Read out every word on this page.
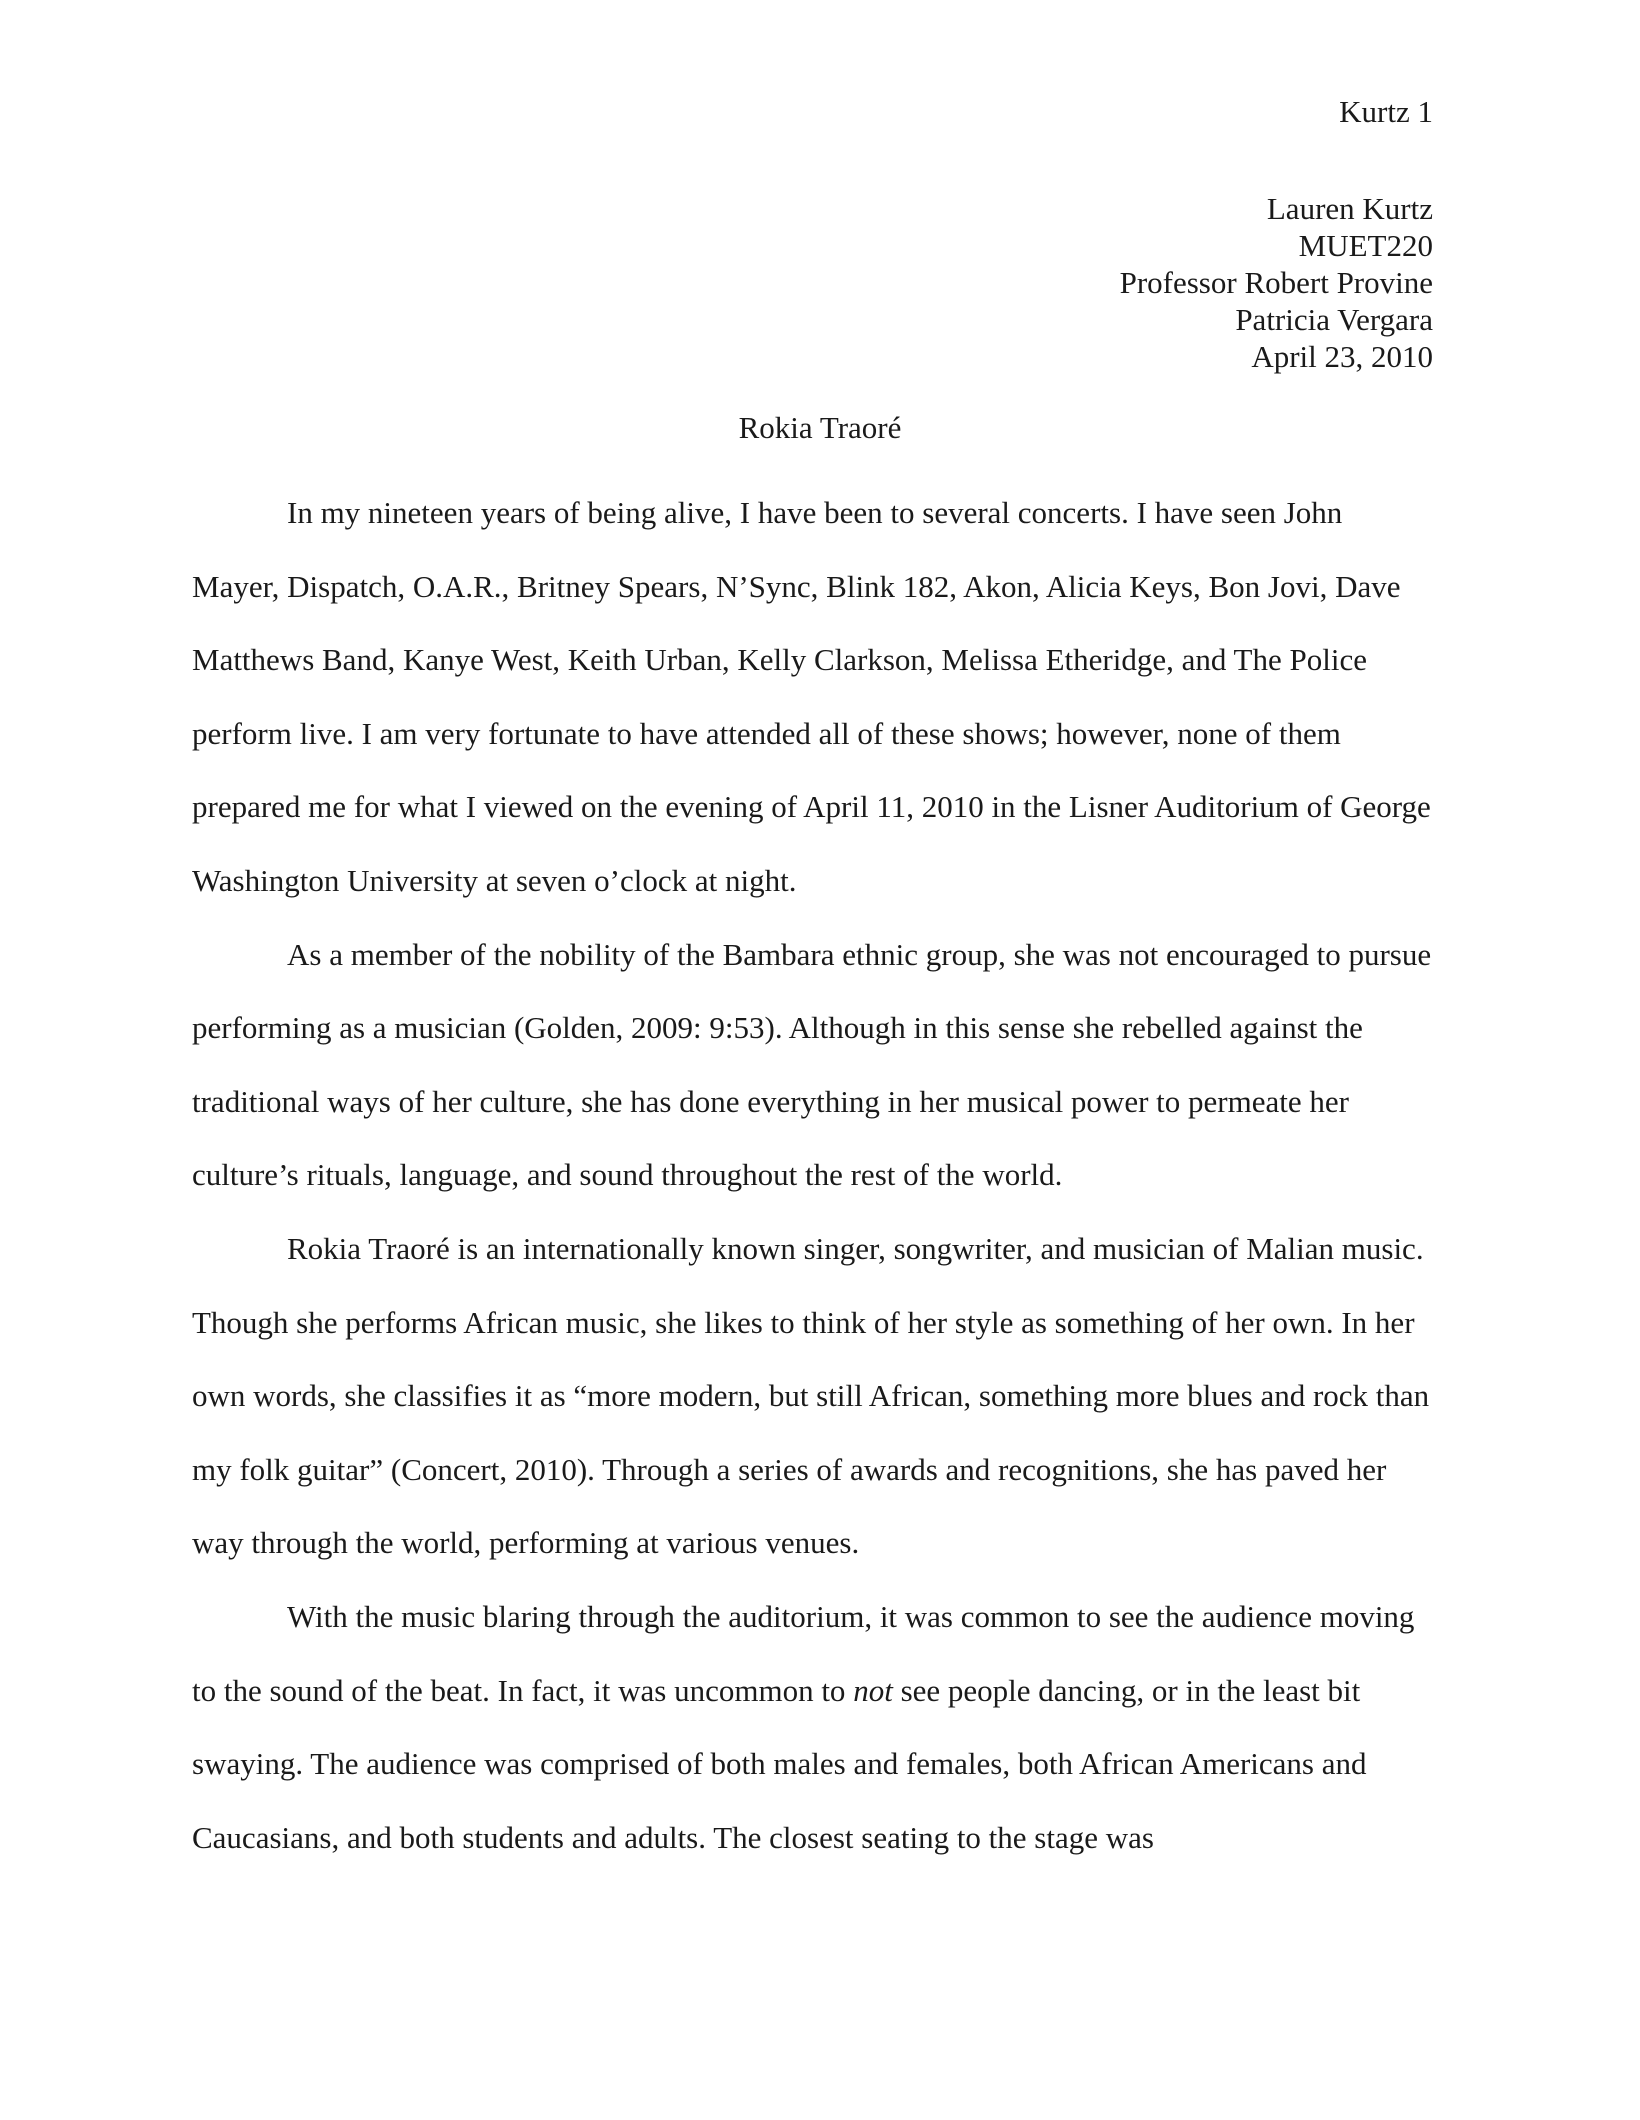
Kurtz 1
Lauren Kurtz
MUET220
Professor Robert Provine
Patricia Vergara
April 23, 2010
Rokia Traoré

In my nineteen years of being alive, I have been to several concerts. I have seen John Mayer, Dispatch, O.A.R., Britney Spears, N’Sync, Blink 182, Akon, Alicia Keys, Bon Jovi, Dave Matthews Band, Kanye West, Keith Urban, Kelly Clarkson, Melissa Etheridge, and The Police perform live. I am very fortunate to have attended all of these shows; however, none of them prepared me for what I viewed on the evening of April 11, 2010 in the Lisner Auditorium of George Washington University at seven o’clock at night.

As a member of the nobility of the Bambara ethnic group, she was not encouraged to pursue performing as a musician (Golden, 2009: 9:53). Although in this sense she rebelled against the traditional ways of her culture, she has done everything in her musical power to permeate her culture’s rituals, language, and sound throughout the rest of the world.

Rokia Traoré is an internationally known singer, songwriter, and musician of Malian music. Though she performs African music, she likes to think of her style as something of her own. In her own words, she classifies it as “more modern, but still African, something more blues and rock than my folk guitar” (Concert, 2010). Through a series of awards and recognitions, she has paved her way through the world, performing at various venues.

With the music blaring through the auditorium, it was common to see the audience moving to the sound of the beat. In fact, it was uncommon to not see people dancing, or in the least bit swaying. The audience was comprised of both males and females, both African Americans and Caucasians, and both students and adults. The closest seating to the stage was
